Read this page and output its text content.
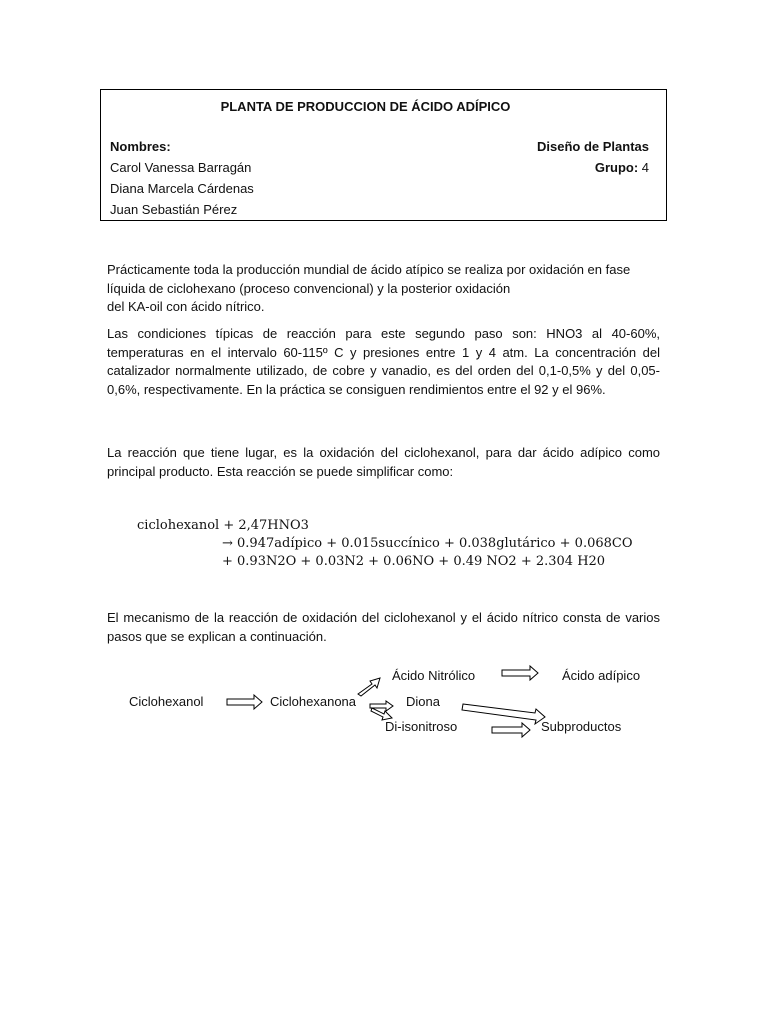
PLANTA DE PRODUCCION DE ÁCIDO ADÍPICO
Nombres:
Carol Vanessa Barragán
Diana Marcela Cárdenas
Juan Sebastián Pérez
Diseño de Plantas
Grupo: 4
Prácticamente toda la producción mundial de ácido atípico se realiza por oxidación en fase
líquida de ciclohexano (proceso convencional) y la posterior oxidación
del KA-oil con ácido nítrico.
Las condiciones típicas de reacción para este segundo paso son: HNO3 al 40-60%, temperaturas en el intervalo 60-115º C y presiones entre 1 y 4 atm. La concentración del catalizador normalmente utilizado, de cobre y vanadio, es del orden del 0,1-0,5% y del 0,05-0,6%, respectivamente. En la práctica se consiguen rendimientos entre el 92 y el 96%.
La reacción que tiene lugar, es la oxidación del ciclohexanol, para dar ácido adípico como principal producto. Esta reacción se puede simplificar como:
ciclohexanol + 2,47HNO3
→ 0.947adípico + 0.015succínico + 0.038glutárico + 0.068CO
+ 0.93N2O + 0.03N2 + 0.06NO + 0.49 NO2 + 2.304 H20
El mecanismo de la reacción de oxidación del ciclohexanol y el ácido nítrico consta de varios pasos que se explican a continuación.
Ciclohexanol	Ciclohexanona
Ácido Nitrólico	Ácido adípico
Diona
Di-isonitroso	Subproductos
